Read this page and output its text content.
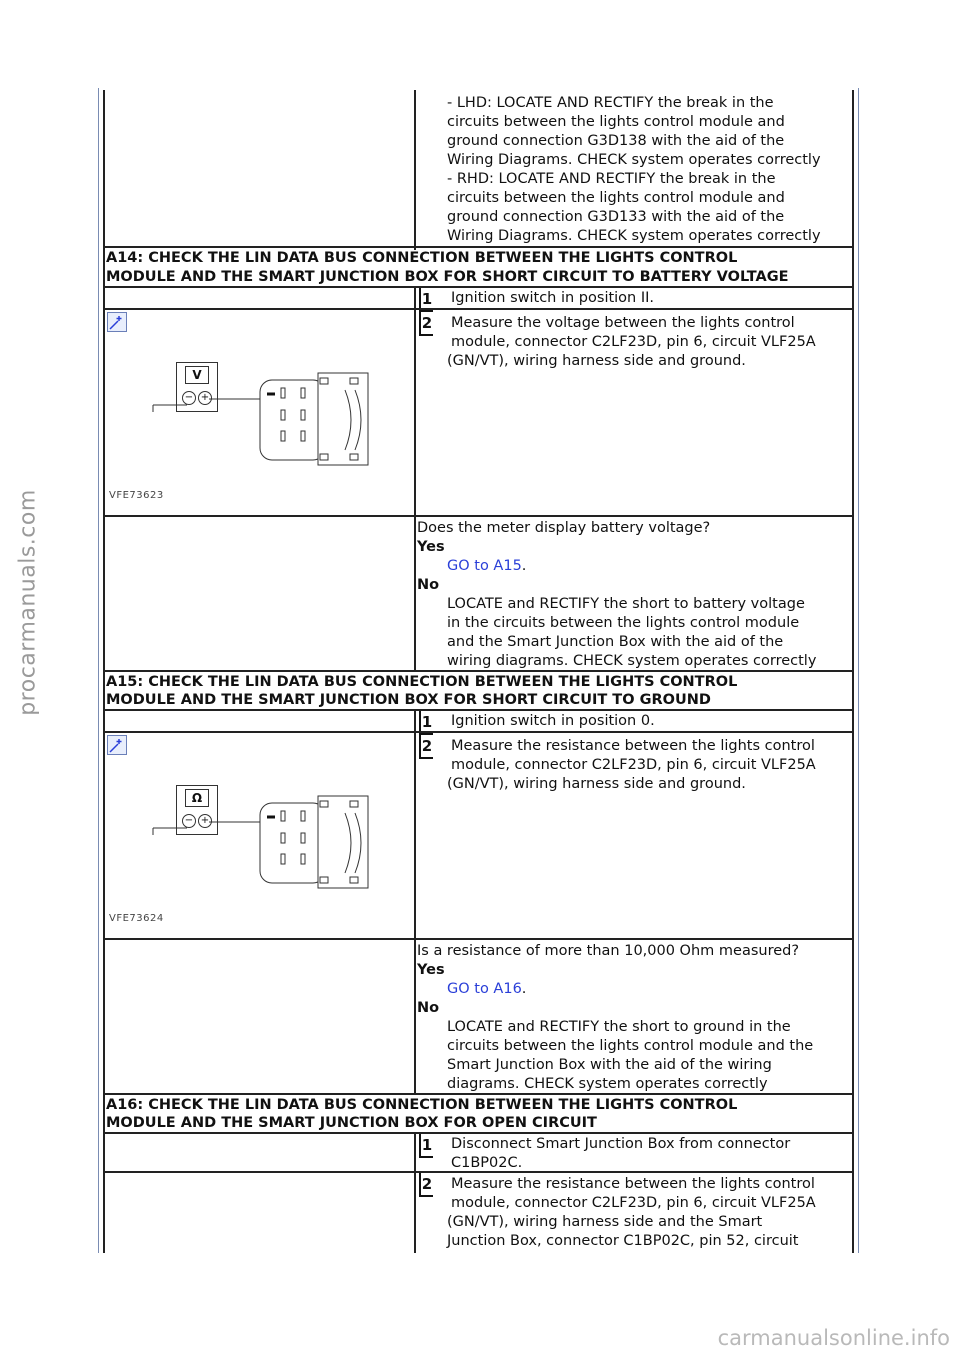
procarmanuals.com
- LHD: LOCATE AND RECTIFY the break in the
circuits between the lights control module and
ground connection G3D138 with the aid of the
Wiring Diagrams. CHECK system operates correctly
- RHD: LOCATE AND RECTIFY the break in the
circuits between the lights control module and
ground connection G3D133 with the aid of the
Wiring Diagrams. CHECK system operates correctly
A14: CHECK THE LIN DATA BUS CONNECTION BETWEEN THE LIGHTS CONTROL
MODULE AND THE SMART JUNCTION BOX FOR SHORT CIRCUIT TO BATTERY VOLTAGE
1 Ignition switch in position II.
V
− +
VFE73623
2 Measure the voltage between the lights control
module, connector C2LF23D, pin 6, circuit VLF25A
(GN/VT), wiring harness side and ground.
Does the meter display battery voltage?
Yes
GO to A15.
No
LOCATE and RECTIFY the short to battery voltage
in the circuits between the lights control module
and the Smart Junction Box with the aid of the
wiring diagrams. CHECK system operates correctly
A15: CHECK THE LIN DATA BUS CONNECTION BETWEEN THE LIGHTS CONTROL
MODULE AND THE SMART JUNCTION BOX FOR SHORT CIRCUIT TO GROUND
1 Ignition switch in position 0.
Ω
− +
VFE73624
2 Measure the resistance between the lights control
module, connector C2LF23D, pin 6, circuit VLF25A
(GN/VT), wiring harness side and ground.
Is a resistance of more than 10,000 Ohm measured?
Yes
GO to A16.
No
LOCATE and RECTIFY the short to ground in the
circuits between the lights control module and the
Smart Junction Box with the aid of the wiring
diagrams. CHECK system operates correctly
A16: CHECK THE LIN DATA BUS CONNECTION BETWEEN THE LIGHTS CONTROL
MODULE AND THE SMART JUNCTION BOX FOR OPEN CIRCUIT
1 Disconnect Smart Junction Box from connector
C1BP02C.
2 Measure the resistance between the lights control
module, connector C2LF23D, pin 6, circuit VLF25A
(GN/VT), wiring harness side and the Smart
Junction Box, connector C1BP02C, pin 52, circuit
carmanualsonline.info
